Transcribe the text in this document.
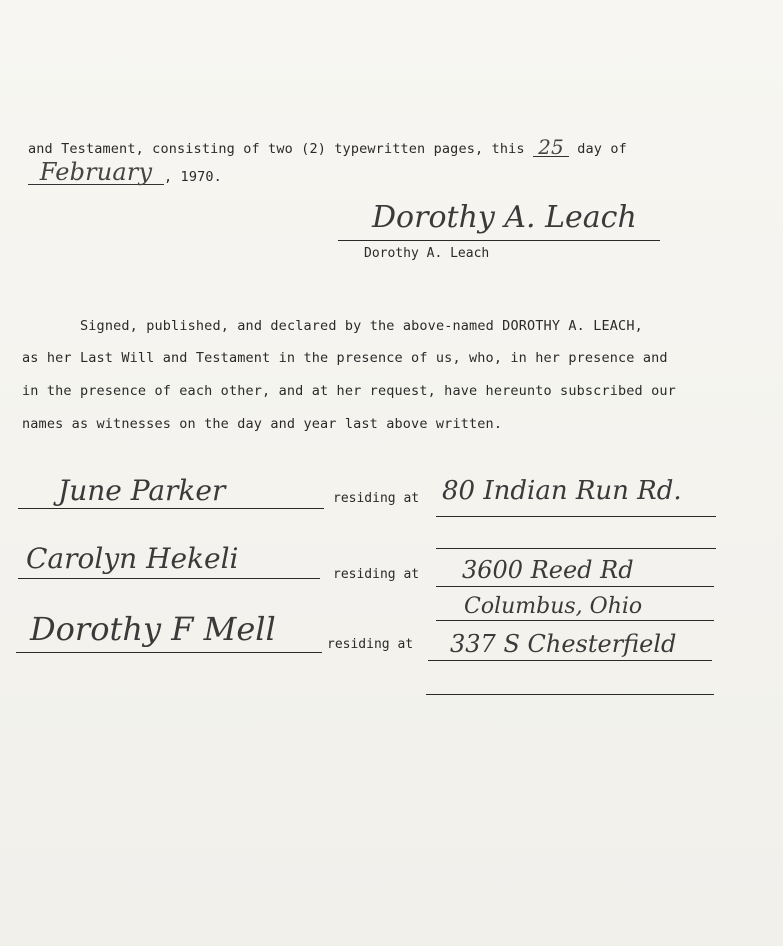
and Testament, consisting of two (2) typewritten pages, this 25 day of
February , 1970.
Dorothy A. Leach
Dorothy A. Leach
Signed, published, and declared by the above-named DOROTHY A. LEACH,
as her Last Will and Testament in the presence of us, who, in her presence and
in the presence of each other, and at her request, have hereunto subscribed our
names as witnesses on the day and year last above written.
June Parker	residing at 80 Indian Run Rd.
Carolyn Hekeli	residing at 3600 Reed Rd
Columbus, Ohio
Dorothy F Mell	residing at 337 S Chesterfield
